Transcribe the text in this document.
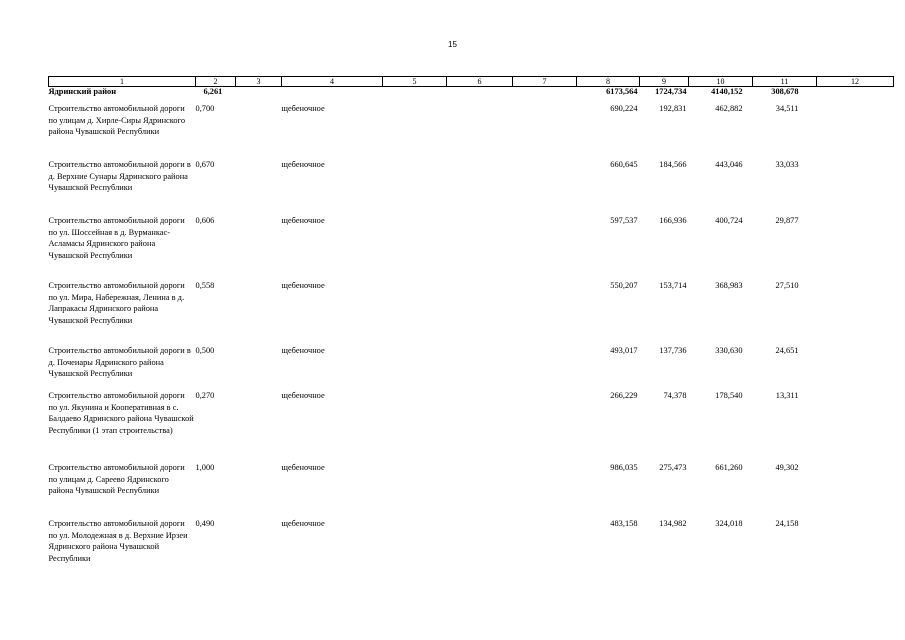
15
1	2	3	4	5	6	7	8	9	10	11	12
Ядринский район	6,261						6173,564	1724,734	4140,152	308,678	
Строительство автомобильной дороги по улицам д. Хирле-Сиры Ядринского района Чувашской Республики	0,700		щебеночное				690,224	192,831	462,882	34,511	
Строительство автомобильной дороги в д. Верхние Сунары Ядринского района Чувашской Республики	0,670		щебеночное				660,645	184,566	443,046	33,033	
Строительство автомобильной дороги по ул. Шоссейная в д. Вурманкас-Асламасы Ядринского района Чувашской Республики	0,606		щебеночное				597,537	166,936	400,724	29,877	
Строительство автомобильной дороги по ул. Мира, Набережная, Ленина в д. Лапракасы Ядринского района Чувашской Республики	0,558		щебеночное				550,207	153,714	368,983	27,510	
Строительство автомобильной дороги в д. Почеиары Ядринского района Чувашской Республики	0,500		щебеночное				493,017	137,736	330,630	24,651	
Строительство автомобильной дороги по ул. Якунина и Кооперативная в с. Балдаево Ядринского района Чувашской Республики (1 этап строительства)	0,270		щебеночное				266,229	74,378	178,540	13,311	
Строительство автомобильной дороги по улицам д. Сареево Ядринского района Чувашской Республики	1,000		щебеночное				986,035	275,473	661,260	49,302	
Строительство автомобильной дороги по ул. Молодежная в д. Верхние Ирзеи Ядринского района Чувашской Республики	0,490		щебеночное				483,158	134,982	324,018	24,158	
